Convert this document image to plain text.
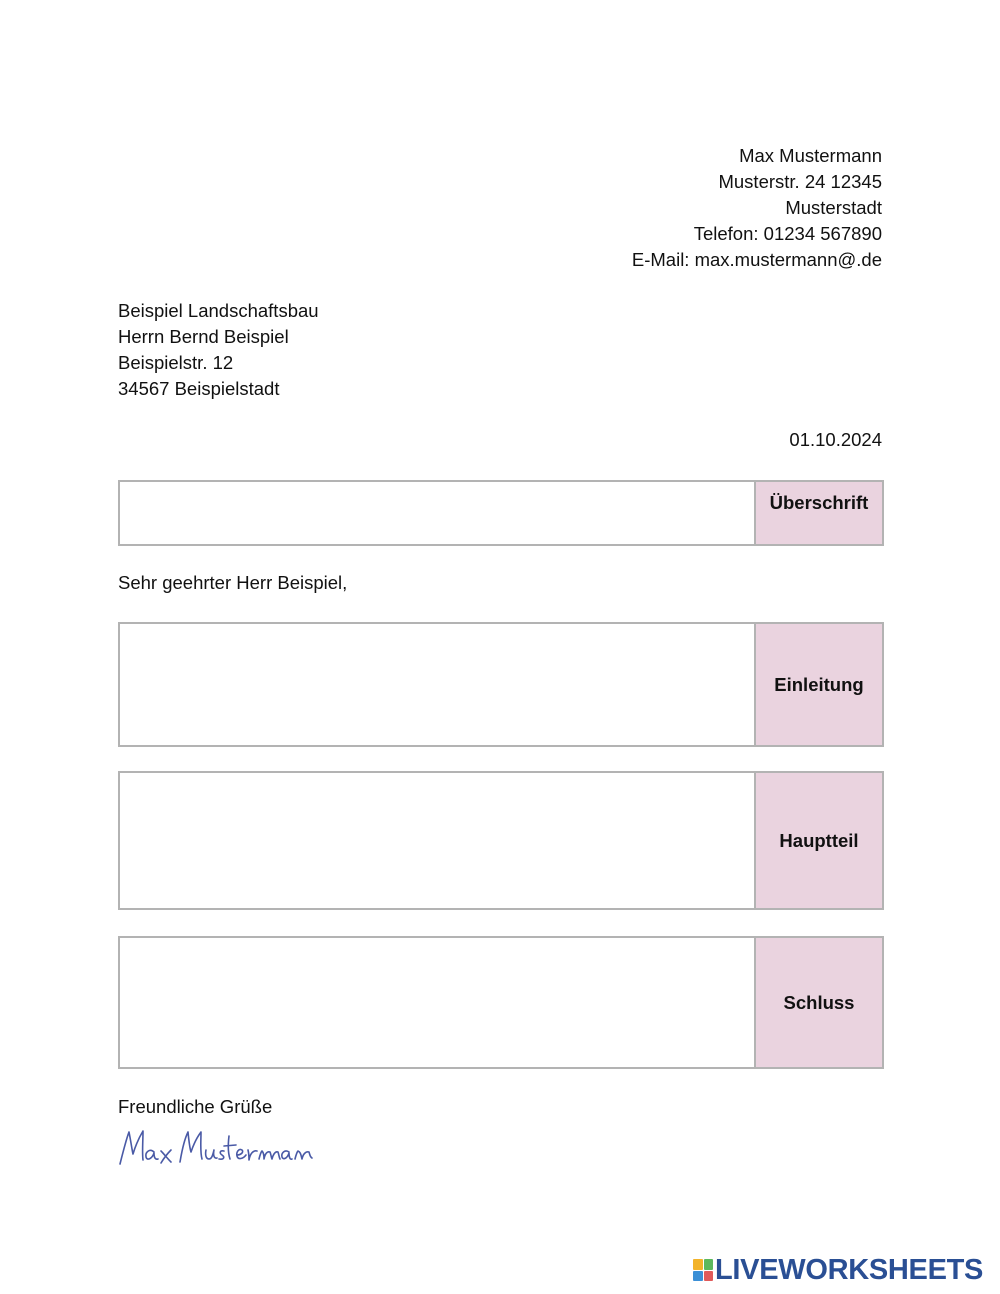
Max Mustermann
Musterstr. 24 12345
Musterstadt
Telefon: 01234 567890
E-Mail: max.mustermann@.de
Beispiel Landschaftsbau
Herrn Bernd Beispiel
Beispielstr. 12
34567 Beispielstadt
01.10.2024
Überschrift
Sehr geehrter Herr Beispiel,
Einleitung
Hauptteil
Schluss
Freundliche Grüße
LIVEWORKSHEETS
